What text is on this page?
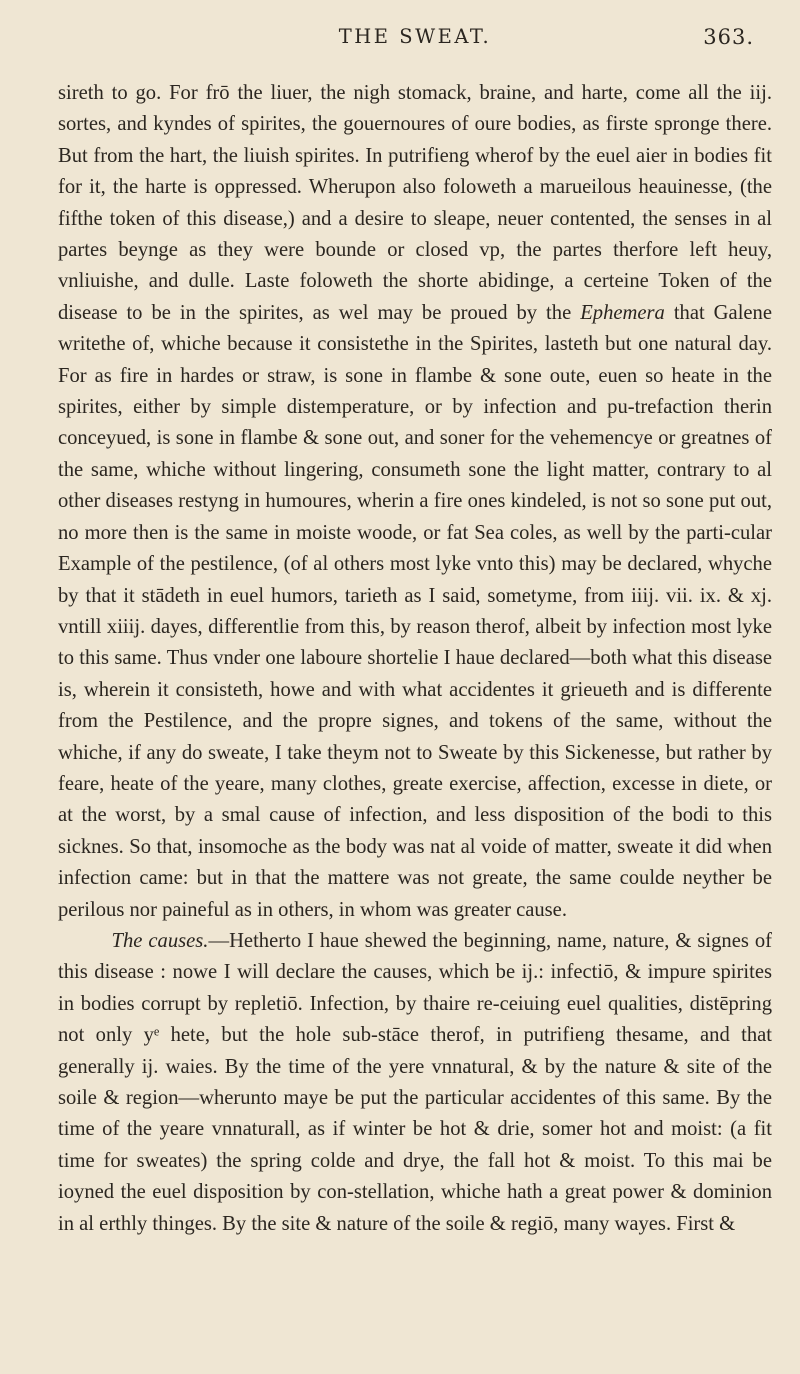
THE SWEAT.	363.

sireth to go. For frō the liuer, the nigh stomack, braine, and harte, come all the iij. sortes, and kyndes of spirites, the gouernoures of oure bodies, as firste spronge there. But from the hart, the liuish spirites. In putrifieng wherof by the euel aier in bodies fit for it, the harte is oppressed. Wherupon also foloweth a marueilous heauinesse, (the fifthe token of this disease,) and a desire to sleape, neuer contented, the senses in al partes beynge as they were bounde or closed vp, the partes therfore left heuy, vnliuishe, and dulle. Laste foloweth the shorte abidinge, a certeine Token of the disease to be in the spirites, as wel may be proued by the Ephemera that Galene writethe of, whiche because it consistethe in the Spirites, lasteth but one natural day. For as fire in hardes or straw, is sone in flambe & sone oute, euen so heate in the spirites, either by simple distemperature, or by infection and pu-trefaction therin conceyued, is sone in flambe & sone out, and soner for the vehemencye or greatnes of the same, whiche without lingering, consumeth sone the light matter, contrary to al other diseases restyng in humoures, wherin a fire ones kindeled, is not so sone put out, no more then is the same in moiste woode, or fat Sea coles, as well by the parti-cular Example of the pestilence, (of al others most lyke vnto this) may be declared, whyche by that it stādeth in euel humors, tarieth as I said, sometyme, from iiij. vii. ix. & xj. vntill xiiij. dayes, differentlie from this, by reason therof, albeit by infection most lyke to this same. Thus vnder one laboure shortelie I haue declared—both what this disease is, wherein it consisteth, howe and with what accidentes it grieueth and is differente from the Pestilence, and the propre signes, and tokens of the same, without the whiche, if any do sweate, I take theym not to Sweate by this Sickenesse, but rather by feare, heate of the yeare, many clothes, greate exercise, affection, excesse in diete, or at the worst, by a smal cause of infection, and less disposition of the bodi to this sicknes. So that, insomoche as the body was nat al voide of matter, sweate it did when infection came: but in that the mattere was not greate, the same coulde neyther be perilous nor paineful as in others, in whom was greater cause.

The causes.—Hetherto I haue shewed the beginning, name, nature, & signes of this disease : nowe I will declare the causes, which be ij.: infectiō, & impure spirites in bodies corrupt by repletiō. Infection, by thaire re-ceiuing euel qualities, distēpring not only yᵉ hete, but the hole sub-stāce therof, in putrifieng thesame, and that generally ij. waies. By the time of the yere vnnatural, & by the nature & site of the soile & region—wherunto maye be put the particular accidentes of this same. By the time of the yeare vnnaturall, as if winter be hot & drie, somer hot and moist: (a fit time for sweates) the spring colde and drye, the fall hot & moist. To this mai be ioyned the euel disposition by con-stellation, whiche hath a great power & dominion in al erthly thinges. By the site & nature of the soile & regiō, many wayes. First &
